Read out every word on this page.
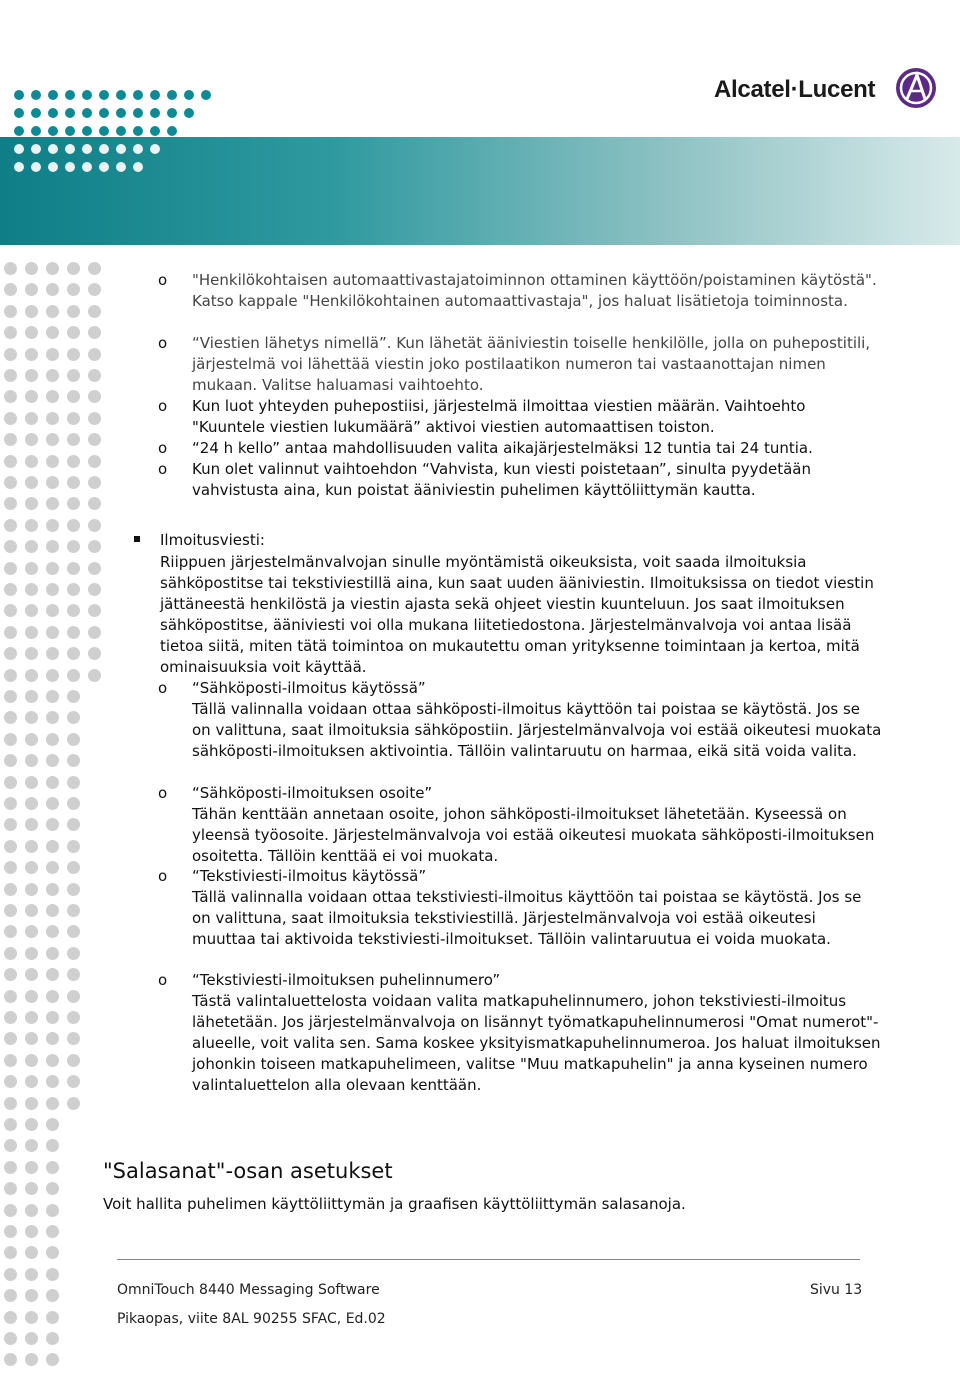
Alcatel·Lucent
o "Henkilökohtaisen automaattivastajatoiminnon ottaminen käyttöön/poistaminen käytöstä". Katso kappale "Henkilökohtainen automaattivastaja", jos haluat lisätietoja toiminnosta.
o “Viestien lähetys nimellä”. Kun lähetät ääniviestin toiselle henkilölle, jolla on puhepostitili, järjestelmä voi lähettää viestin joko postilaatikon numeron tai vastaanottajan nimen mukaan. Valitse haluamasi vaihtoehto.
o Kun luot yhteyden puhepostiisi, järjestelmä ilmoittaa viestien määrän. Vaihtoehto "Kuuntele viestien lukumäärä” aktivoi viestien automaattisen toiston.
o “24 h kello” antaa mahdollisuuden valita aikajärjestelmäksi 12 tuntia tai 24 tuntia.
o Kun olet valinnut vaihtoehdon “Vahvista, kun viesti poistetaan”, sinulta pyydetään vahvistusta aina, kun poistat ääniviestin puhelimen käyttöliittymän kautta.
Ilmoitusviesti:
Riippuen järjestelmänvalvojan sinulle myöntämistä oikeuksista, voit saada ilmoituksia sähköpostitse tai tekstiviestillä aina, kun saat uuden ääniviestin. Ilmoituksissa on tiedot viestin jättäneestä henkilöstä ja viestin ajasta sekä ohjeet viestin kuunteluun. Jos saat ilmoituksen sähköpostitse, ääniviesti voi olla mukana liitetiedostona. Järjestelmänvalvoja voi antaa lisää tietoa siitä, miten tätä toimintoa on mukautettu oman yrityksenne toimintaan ja kertoa, mitä ominaisuuksia voit käyttää.
o “Sähköposti-ilmoitus käytössä”
Tällä valinnalla voidaan ottaa sähköposti-ilmoitus käyttöön tai poistaa se käytöstä. Jos se on valittuna, saat ilmoituksia sähköpostiin. Järjestelmänvalvoja voi estää oikeutesi muokata sähköposti-ilmoituksen aktivointia. Tällöin valintaruutu on harmaa, eikä sitä voida valita.
o “Sähköposti-ilmoituksen osoite”
Tähän kenttään annetaan osoite, johon sähköposti-ilmoitukset lähetetään. Kyseessä on yleensä työosoite. Järjestelmänvalvoja voi estää oikeutesi muokata sähköposti-ilmoituksen osoitetta. Tällöin kenttää ei voi muokata.
o “Tekstiviesti-ilmoitus käytössä”
Tällä valinnalla voidaan ottaa tekstiviesti-ilmoitus käyttöön tai poistaa se käytöstä. Jos se on valittuna, saat ilmoituksia tekstiviestillä. Järjestelmänvalvoja voi estää oikeutesi muuttaa tai aktivoida tekstiviesti-ilmoitukset. Tällöin valintaruutua ei voida muokata.
o “Tekstiviesti-ilmoituksen puhelinnumero”
Tästä valintaluettelosta voidaan valita matkapuhelinnumero, johon tekstiviesti-ilmoitus lähetetään. Jos järjestelmänvalvoja on lisännyt työmatkapuhelinnumerosi "Omat numerot"-alueelle, voit valita sen. Sama koskee yksityismatkapuhelinnumeroa. Jos haluat ilmoituksen johonkin toiseen matkapuhelimeen, valitse "Muu matkapuhelin" ja anna kyseinen numero valintaluettelon alla olevaan kenttään.
"Salasanat"-osan asetukset
Voit hallita puhelimen käyttöliittymän ja graafisen käyttöliittymän salasanoja.
OmniTouch 8440 Messaging Software	Sivu 13
Pikaopas, viite 8AL 90255 SFAC, Ed.02
